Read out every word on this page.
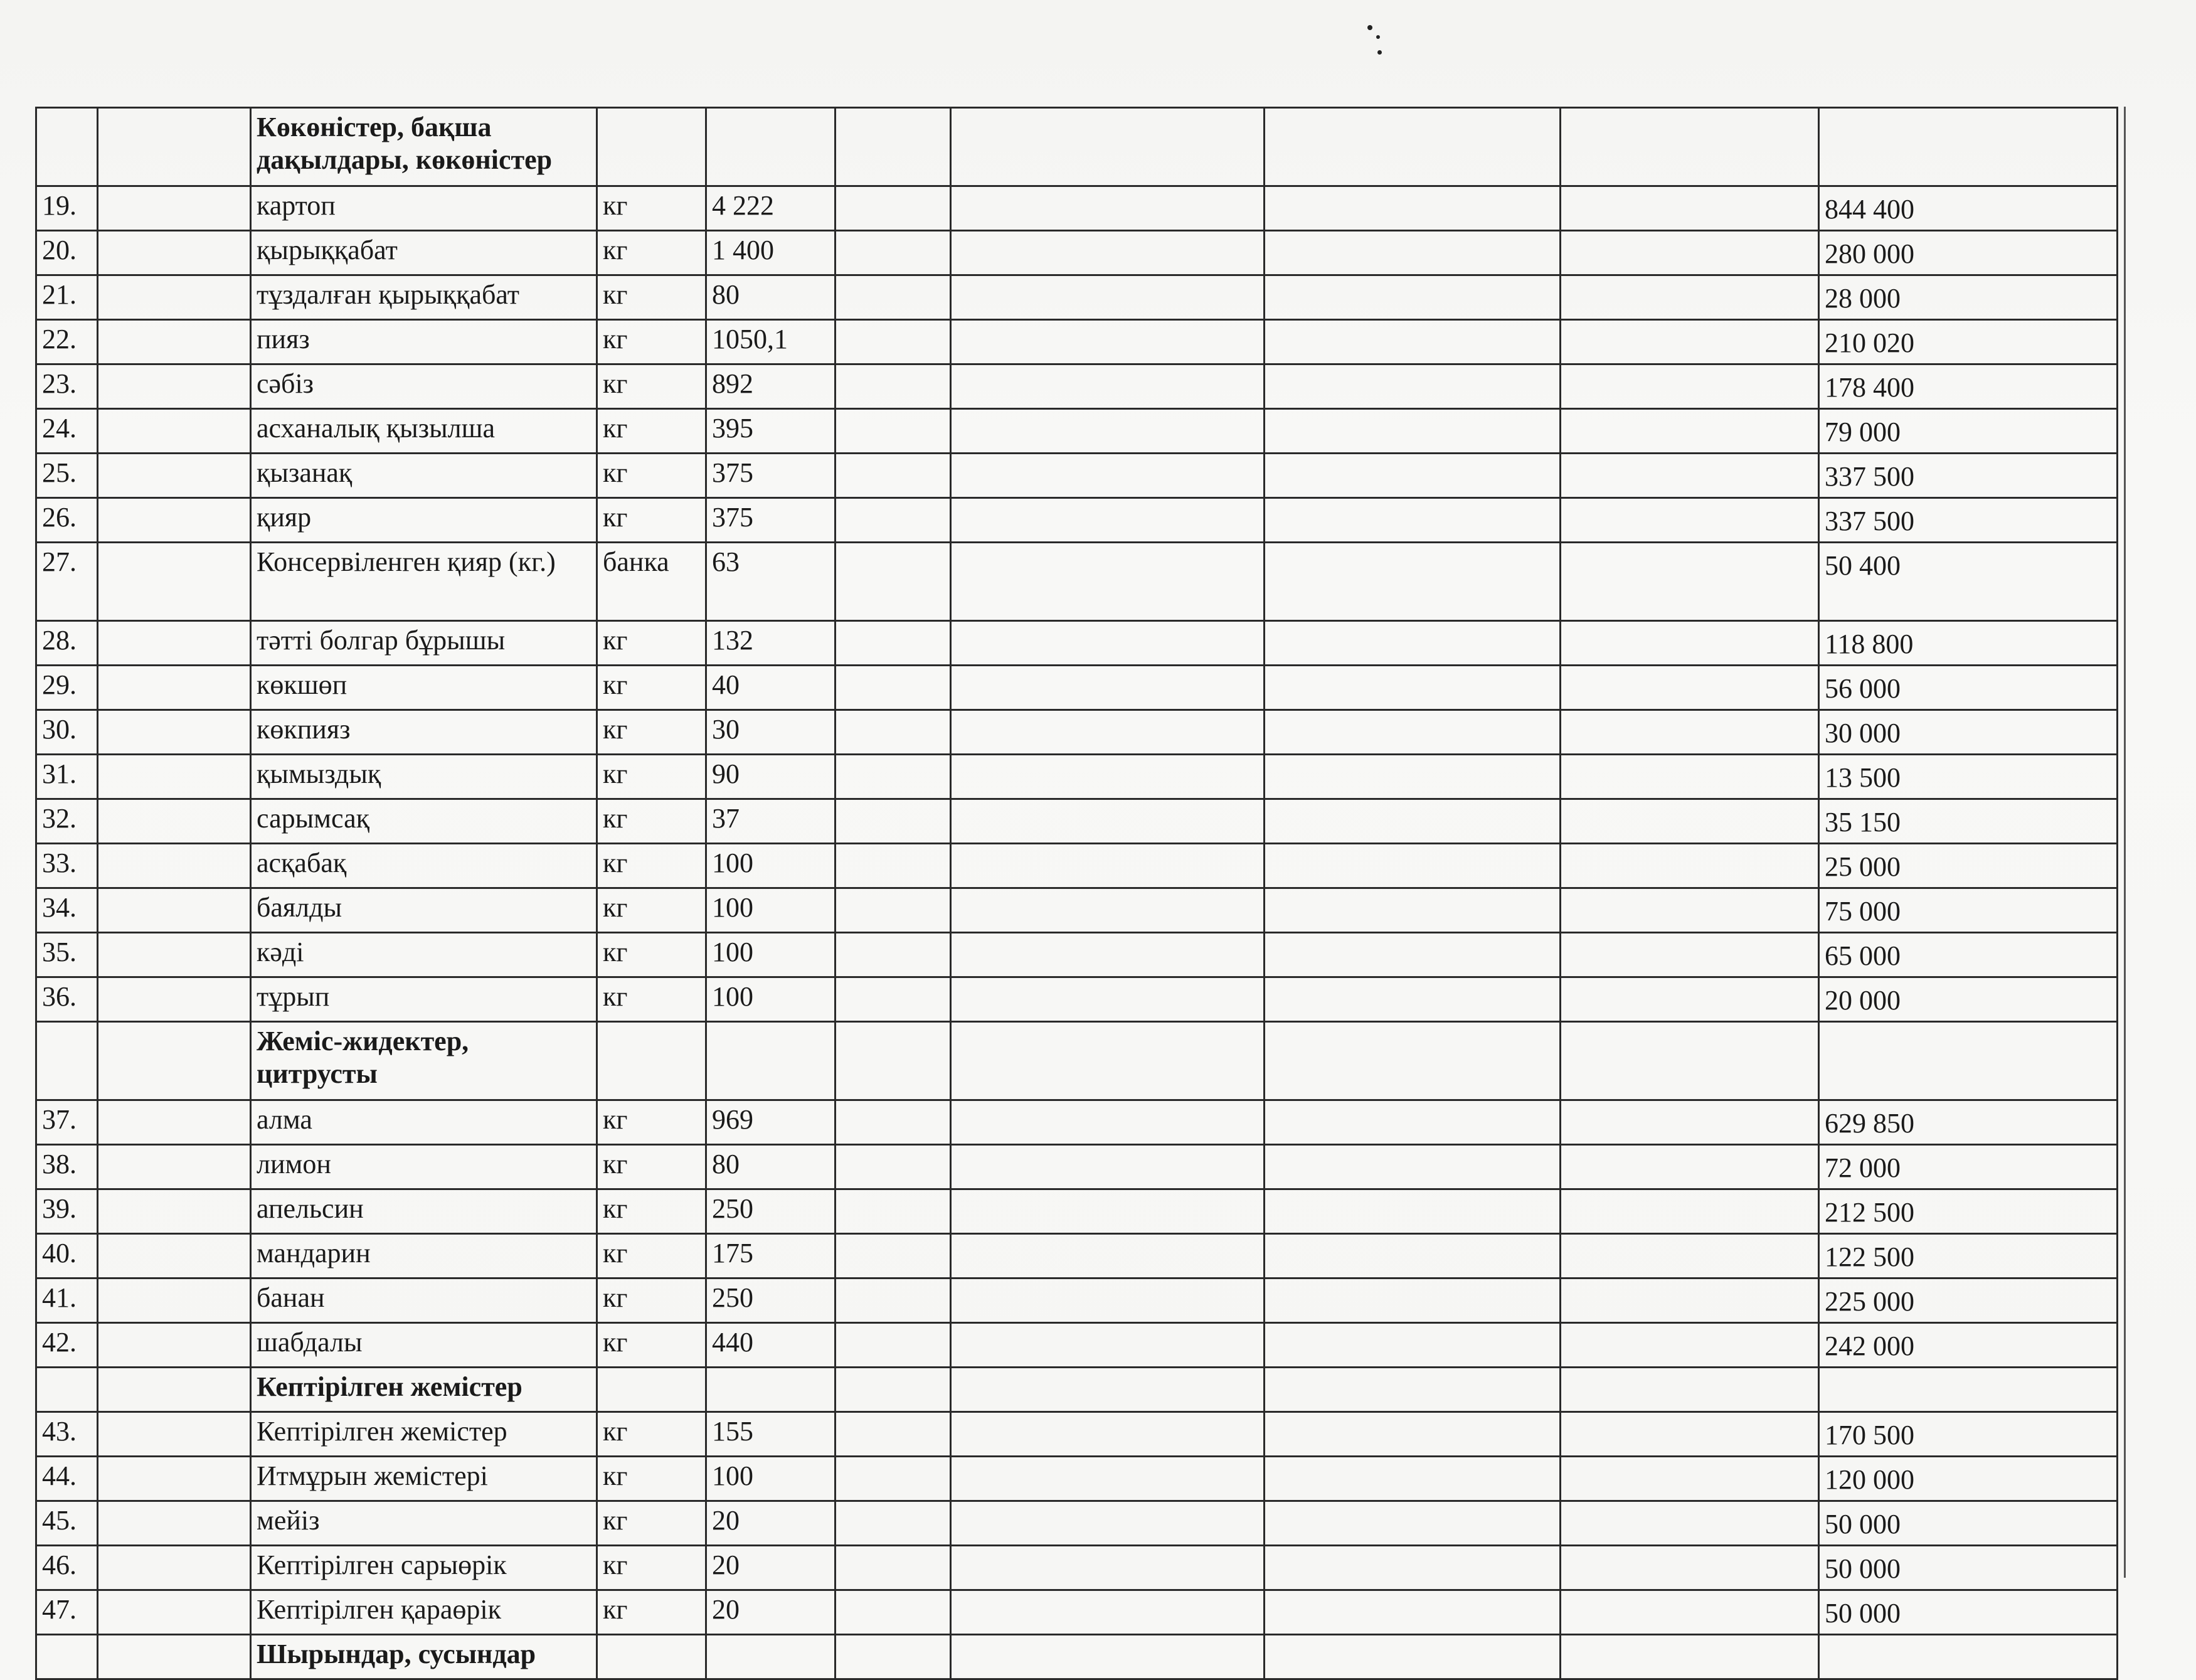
		Көкөністер, бақша дақылдары, көкөністер							
19.		картоп	кг	4 222					844 400
20.		қырыққабат	кг	1 400					280 000
21.		тұздалған қырыққабат	кг	80					28 000
22.		пияз	кг	1050,1					210 020
23.		сәбіз	кг	892					178 400
24.		асханалық қызылша	кг	395					79 000
25.		қызанақ	кг	375					337 500
26.		қияр	кг	375					337 500
27.		Консервіленген қияр (кг.)	банка	63					50 400
28.		тәтті болгар бұрышы	кг	132					118 800
29.		көкшөп	кг	40					56 000
30.		көкпияз	кг	30					30 000
31.		қымыздық	кг	90					13 500
32.		сарымсақ	кг	37					35 150
33.		асқабақ	кг	100					25 000
34.		баялды	кг	100					75 000
35.		кәді	кг	100					65 000
36.		тұрып	кг	100					20 000
		Жеміс-жидектер, цитрусты							
37.		алма	кг	969					629 850
38.		лимон	кг	80					72 000
39.		апельсин	кг	250					212 500
40.		мандарин	кг	175					122 500
41.		банан	кг	250					225 000
42.		шабдалы	кг	440					242 000
		Кептірілген жемістер							
43.		Кептірілген жемістер	кг	155					170 500
44.		Итмұрын жемістері	кг	100					120 000
45.		мейіз	кг	20					50 000
46.		Кептірілген сарыөрік	кг	20					50 000
47.		Кептірілген қараөрік	кг	20					50 000
		Шырындар, сусындар							
